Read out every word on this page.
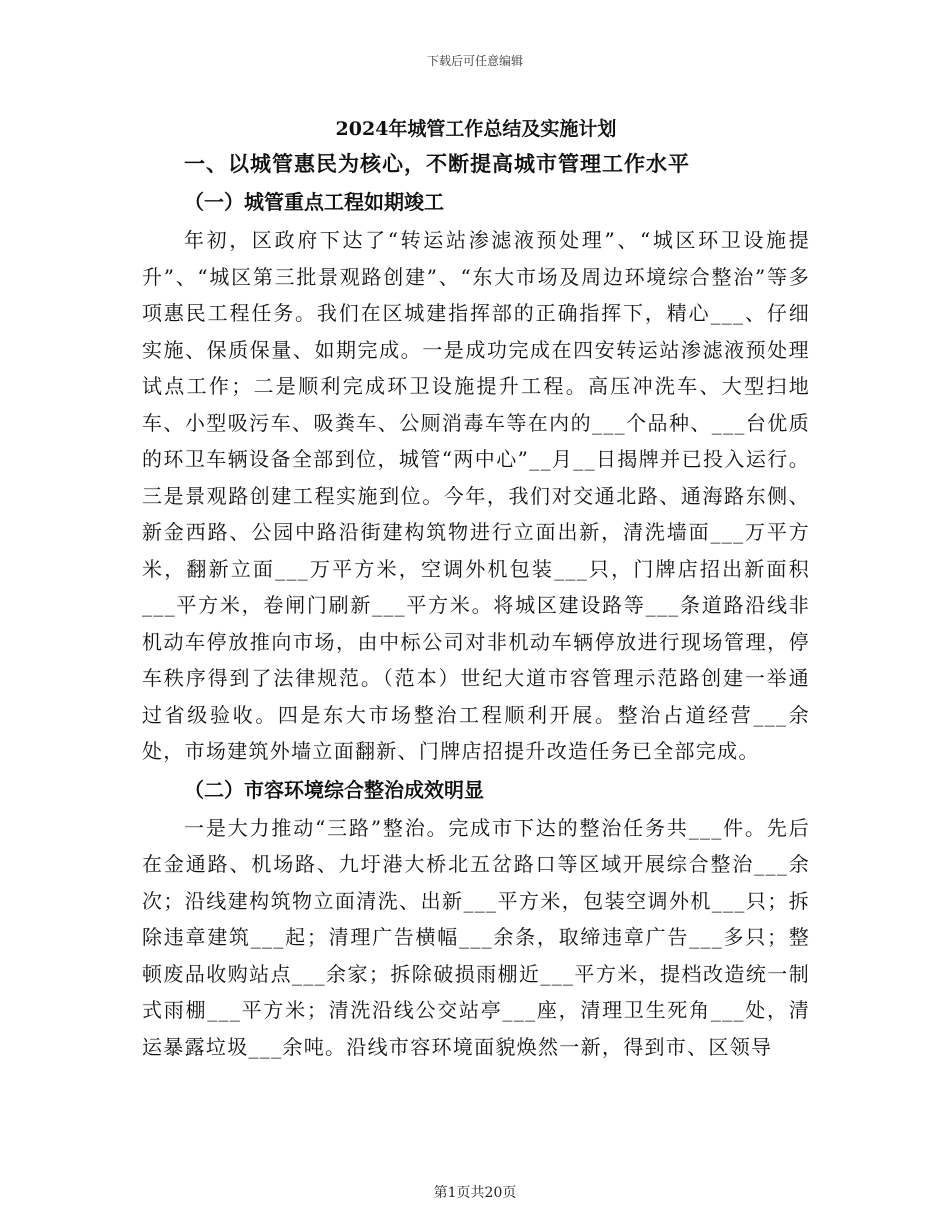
下载后可任意编辑

2024年城管工作总结及实施计划

一、以城管惠民为核心，不断提高城市管理工作水平

（一）城管重点工程如期竣工

年初，区政府下达了“转运站渗滤液预处理”、“城区环卫设施提升”、“城区第三批景观路创建”、“东大市场及周边环境综合整治”等多项惠民工程任务。我们在区城建指挥部的正确指挥下，精心___、仔细实施、保质保量、如期完成。一是成功完成在四安转运站渗滤液预处理试点工作；二是顺利完成环卫设施提升工程。高压冲洗车、大型扫地车、小型吸污车、吸粪车、公厕消毒车等在内的___个品种、___台优质的环卫车辆设备全部到位，城管“两中心”__月__日揭牌并已投入运行。三是景观路创建工程实施到位。今年，我们对交通北路、通海路东侧、新金西路、公园中路沿街建构筑物进行立面出新，清洗墙面___万平方米，翻新立面___万平方米，空调外机包装___只，门牌店招出新面积___平方米，卷闸门刷新___平方米。将城区建设路等___条道路沿线非机动车停放推向市场，由中标公司对非机动车辆停放进行现场管理，停车秩序得到了法律规范。（范本）世纪大道市容管理示范路创建一举通过省级验收。四是东大市场整治工程顺利开展。整治占道经营___余处，市场建筑外墙立面翻新、门牌店招提升改造任务已全部完成。

（二）市容环境综合整治成效明显

一是大力推动“三路”整治。完成市下达的整治任务共___件。先后在金通路、机场路、九圩港大桥北五岔路口等区域开展综合整治___余次；沿线建构筑物立面清洗、出新___平方米，包装空调外机___只；拆除违章建筑___起；清理广告横幅___余条，取缔违章广告___多只；整顿废品收购站点___余家；拆除破损雨棚近___平方米，提档改造统一制式雨棚___平方米；清洗沿线公交站亭___座，清理卫生死角___处，清运暴露垃圾___余吨。沿线市容环境面貌焕然一新，得到市、区领导

第1页共20页
